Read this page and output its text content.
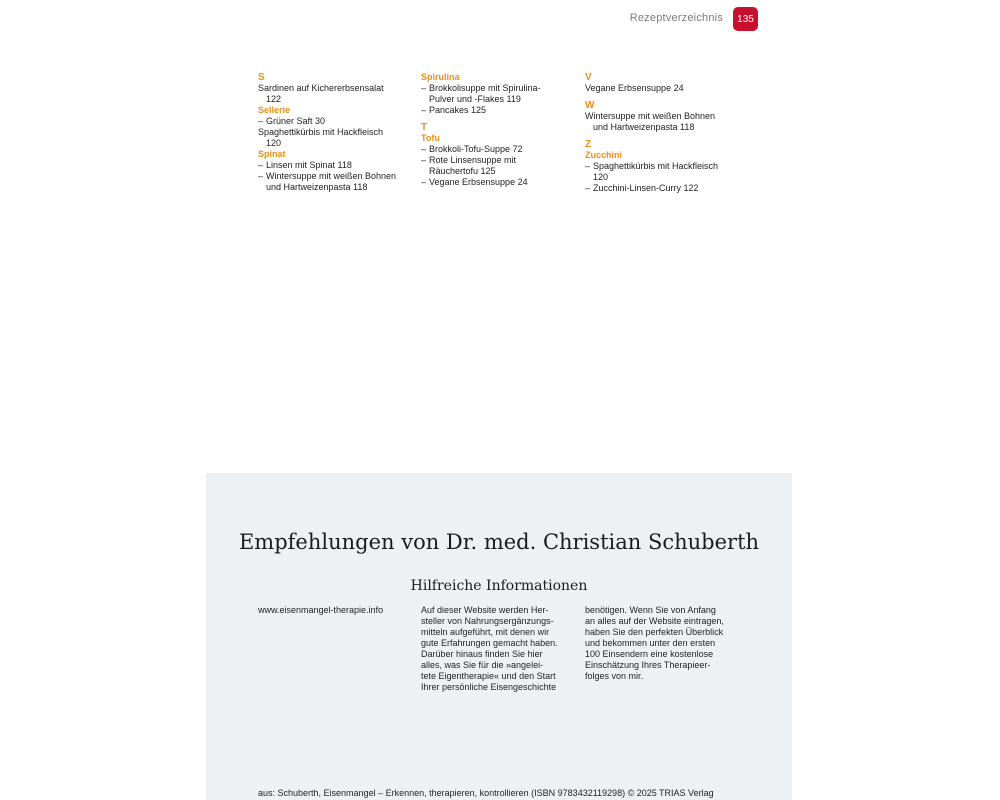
Rezeptverzeichnis	135
S
Sardinen auf Kichererbsensalat
122
Sellerie
– Grüner Saft 30
Spaghettikürbis mit Hackfleisch
120
Spinat
– Linsen mit Spinat 118
– Wintersuppe mit weißen Bohnen
und Hartweizenpasta 118
Spirulina
– Brokkolisuppe mit Spirulina-
Pulver und -Flakes 119
– Pancakes 125
T
Tofu
– Brokkoli-Tofu-Suppe 72
– Rote Linsensuppe mit
Räuchertofu 125
– Vegane Erbsensuppe 24
V
Vegane Erbsensuppe 24
W
Wintersuppe mit weißen Bohnen
und Hartweizenpasta 118
Z
Zucchini
– Spaghettikürbis mit Hackfleisch
120
– Zucchini-Linsen-Curry 122
Empfehlungen von Dr. med. Christian Schuberth
Hilfreiche Informationen
www.eisenmangel-therapie.info	Auf dieser Website werden Her-
steller von Nahrungsergänzungs-
mitteln aufgeführt, mit denen wir
gute Erfahrungen gemacht haben.
Darüber hinaus finden Sie hier
alles, was Sie für die »angelei-
tete Eigentherapie« und den Start
Ihrer persönliche Eisengeschichte
benötigen. Wenn Sie von Anfang
an alles auf der Website eintragen,
haben Sie den perfekten Überblick
und bekommen unter den ersten
100 Einsendern eine kostenlose
Einschätzung Ihres Therapieer-
folges von mir.
aus: Schuberth, Eisenmangel – Erkennen, therapieren, kontrollieren (ISBN 9783432119298) © 2025 TRIAS Verlag
